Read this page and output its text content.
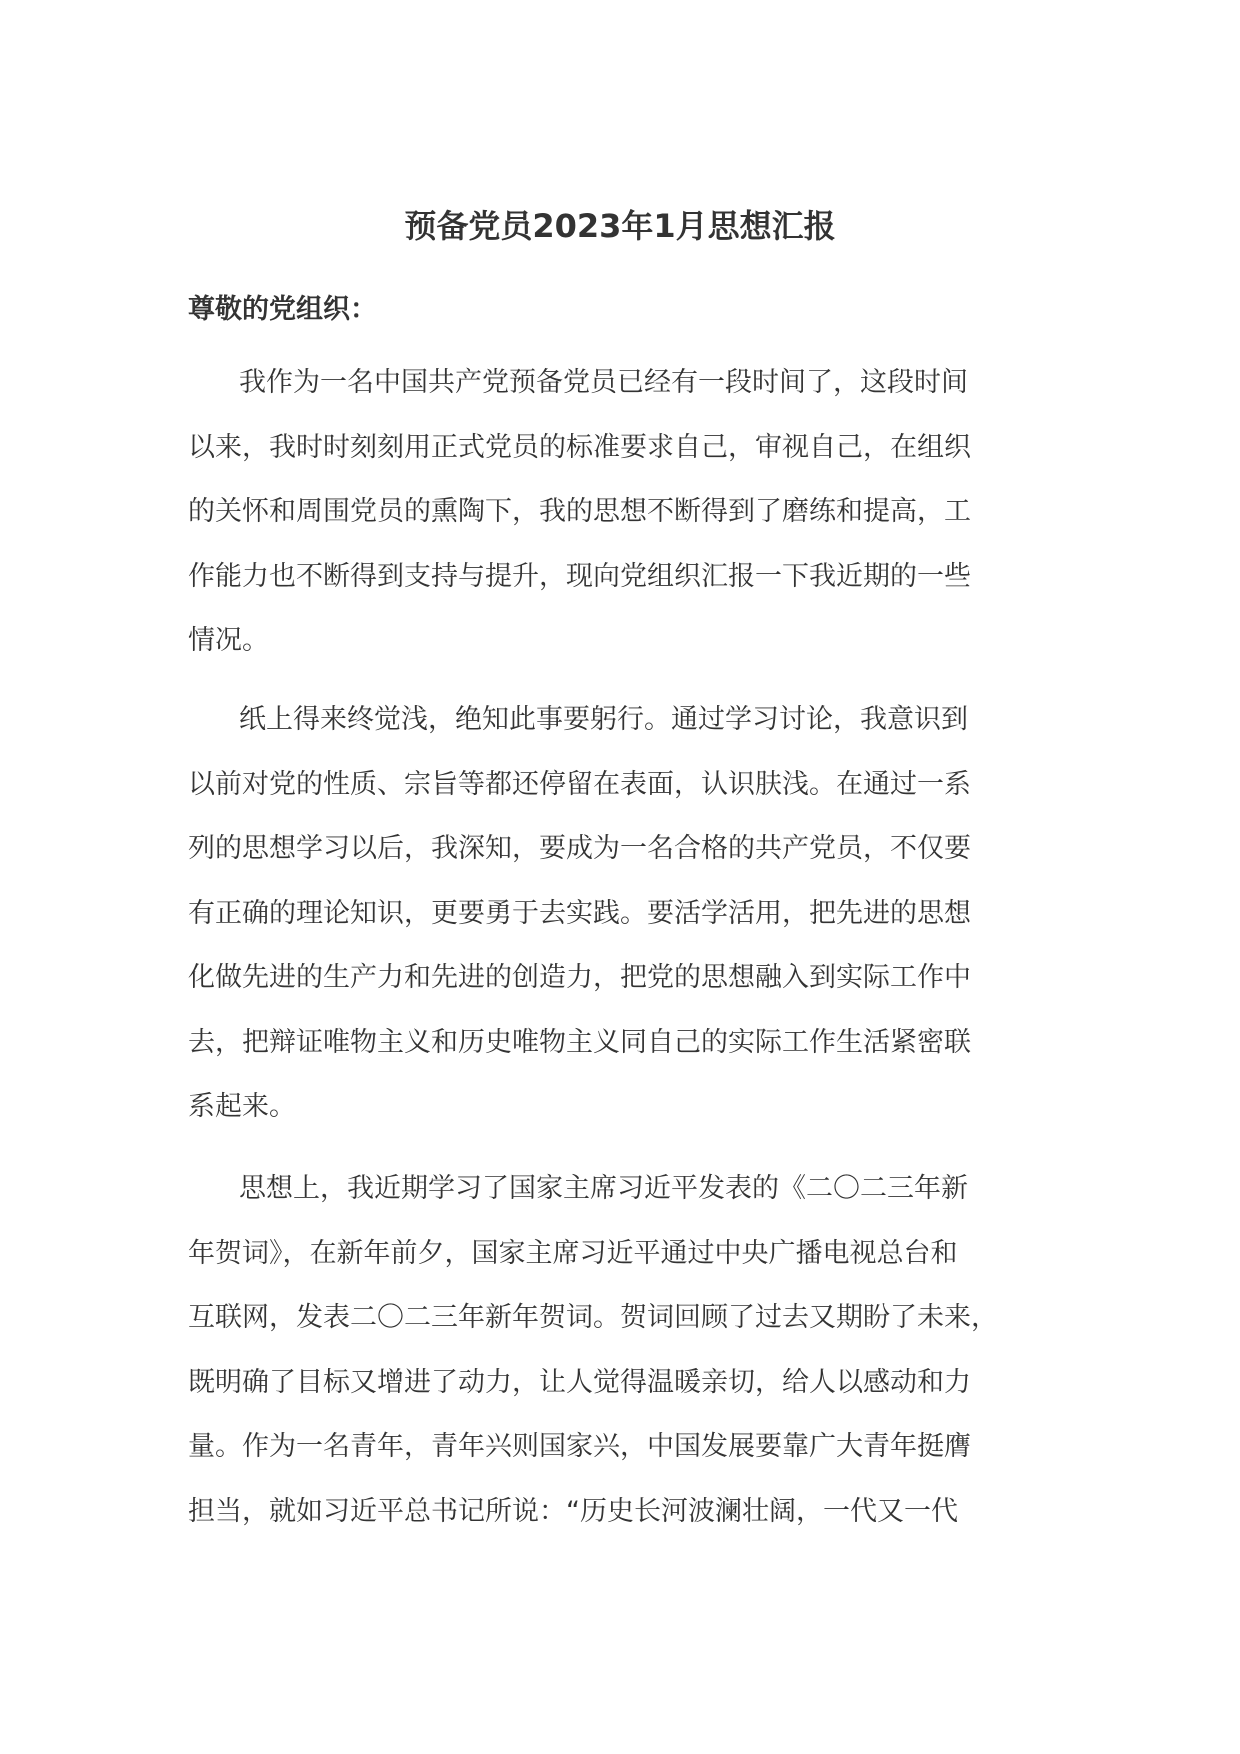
预备党员2023年1月思想汇报

尊敬的党组织：

我作为一名中国共产党预备党员已经有一段时间了，这段时间
以来，我时时刻刻用正式党员的标准要求自己，审视自己，在组织
的关怀和周围党员的熏陶下，我的思想不断得到了磨练和提高，工
作能力也不断得到支持与提升，现向党组织汇报一下我近期的一些
情况。
纸上得来终觉浅，绝知此事要躬行。通过学习讨论，我意识到
以前对党的性质、宗旨等都还停留在表面，认识肤浅。在通过一系
列的思想学习以后，我深知，要成为一名合格的共产党员，不仅要
有正确的理论知识，更要勇于去实践。要活学活用，把先进的思想
化做先进的生产力和先进的创造力，把党的思想融入到实际工作中
去，把辩证唯物主义和历史唯物主义同自己的实际工作生活紧密联
系起来。
思想上，我近期学习了国家主席习近平发表的《二〇二三年新
年贺词》，在新年前夕，国家主席习近平通过中央广播电视总台和
互联网，发表二〇二三年新年贺词。贺词回顾了过去又期盼了未来，
既明确了目标又增进了动力，让人觉得温暖亲切，给人以感动和力
量。作为一名青年，青年兴则国家兴，中国发展要靠广大青年挺膺
担当，就如习近平总书记所说：“历史长河波澜壮阔，一代又一代
